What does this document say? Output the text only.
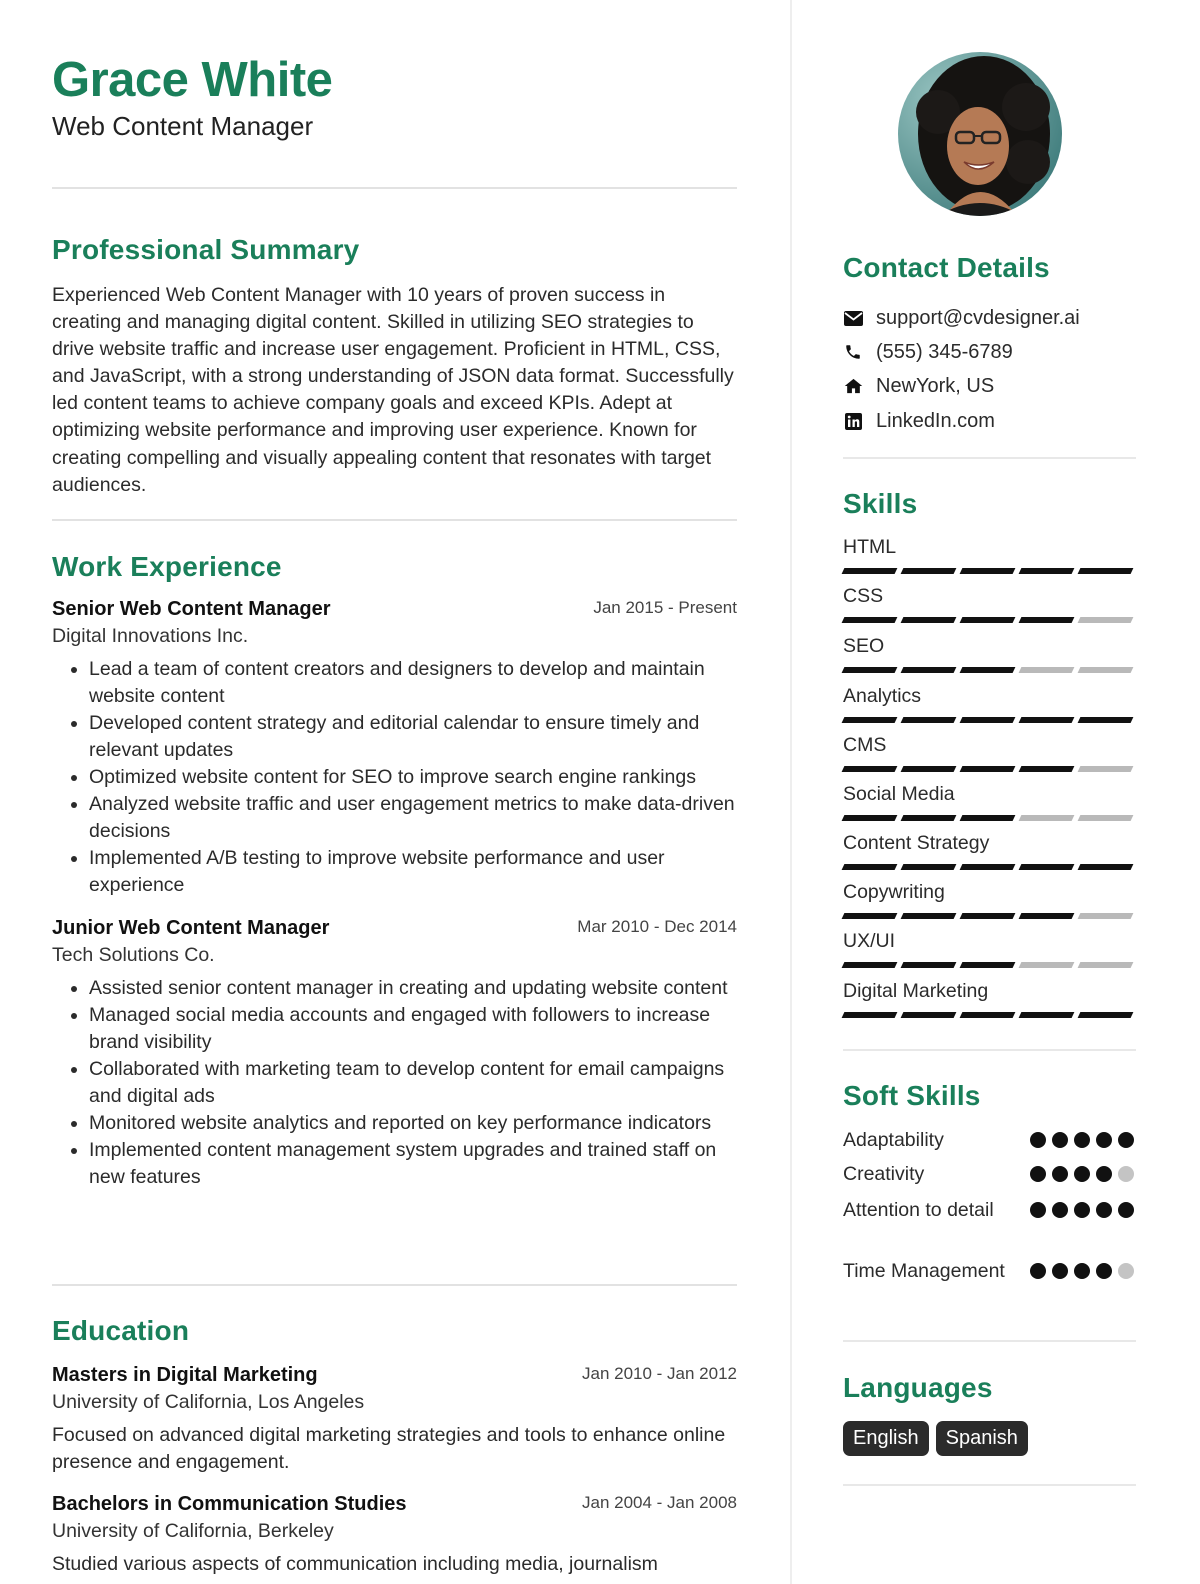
Grace White
Web Content Manager
Professional Summary

Experienced Web Content Manager with 10 years of proven success in creating and managing digital content. Skilled in utilizing SEO strategies to drive website traffic and increase user engagement. Proficient in HTML, CSS, and JavaScript, with a strong understanding of JSON data format. Successfully led content teams to achieve company goals and exceed KPIs. Adept at optimizing website performance and improving user experience. Known for creating compelling and visually appealing content that resonates with target audiences.

Work Experience
Senior Web Content Manager	Jan 2015 - Present
Digital Innovations Inc.
• Lead a team of content creators and designers to develop and maintain website content
• Developed content strategy and editorial calendar to ensure timely and relevant updates
• Optimized website content for SEO to improve search engine rankings
• Analyzed website traffic and user engagement metrics to make data-driven decisions
• Implemented A/B testing to improve website performance and user experience
Junior Web Content Manager	Mar 2010 - Dec 2014
Tech Solutions Co.
• Assisted senior content manager in creating and updating website content
• Managed social media accounts and engaged with followers to increase brand visibility
• Collaborated with marketing team to develop content for email campaigns and digital ads
• Monitored website analytics and reported on key performance indicators
• Implemented content management system upgrades and trained staff on new features
Education
Masters in Digital Marketing	Jan 2010 - Jan 2012
University of California, Los Angeles
Focused on advanced digital marketing strategies and tools to enhance online presence and engagement.
Bachelors in Communication Studies	Jan 2004 - Jan 2008
University of California, Berkeley
Studied various aspects of communication including media, journalism
Contact Details
support@cvdesigner.ai
(555) 345-6789
NewYork, US
LinkedIn.com
Skills
HTML
CSS
SEO
Analytics
CMS
Social Media
Content Strategy
Copywriting
UX/UI
Digital Marketing
Soft Skills
Adaptability
Creativity
Attention to detail
Time Management
Languages
English	Spanish
